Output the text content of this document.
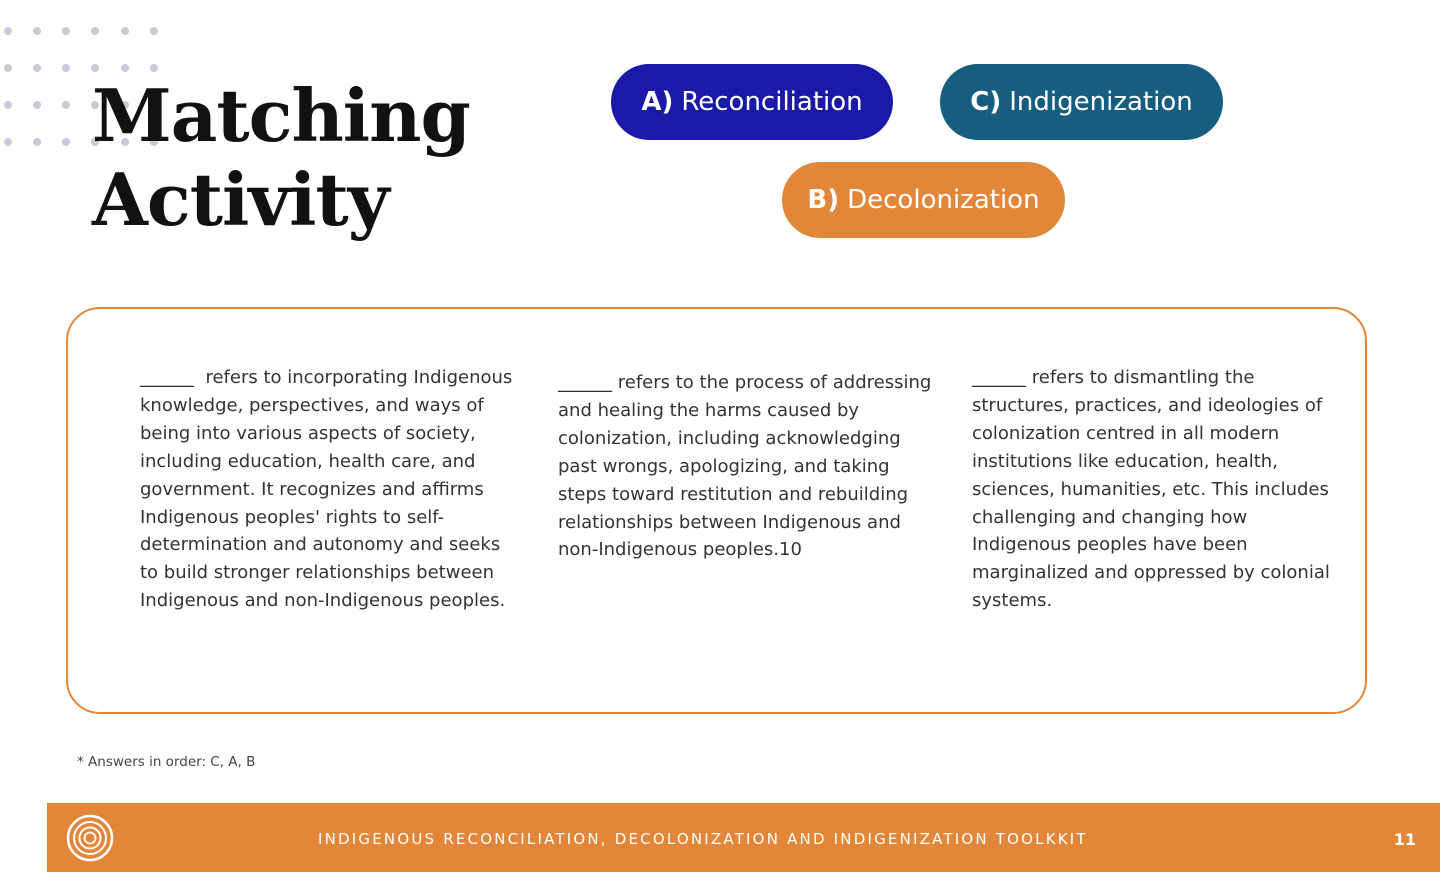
Matching
Activity
A) Reconciliation	C) Indigenization
B) Decolonization

______ refers to incorporating Indigenous knowledge, perspectives, and ways of being into various aspects of society, including education, health care, and government. It recognizes and affirms Indigenous peoples' rights to self-determination and autonomy and seeks to build stronger relationships between Indigenous and non-Indigenous peoples.

______ refers to the process of addressing and healing the harms caused by colonization, including acknowledging past wrongs, apologizing, and taking steps toward restitution and rebuilding relationships between Indigenous and non-Indigenous peoples.10

______ refers to dismantling the structures, practices, and ideologies of colonization centred in all modern institutions like education, health, sciences, humanities, etc. This includes challenging and changing how Indigenous peoples have been marginalized and oppressed by colonial systems.

* Answers in order: C, A, B
INDIGENOUS RECONCILIATION, DECOLONIZATION AND INDIGENIZATION TOOLKKIT	11
